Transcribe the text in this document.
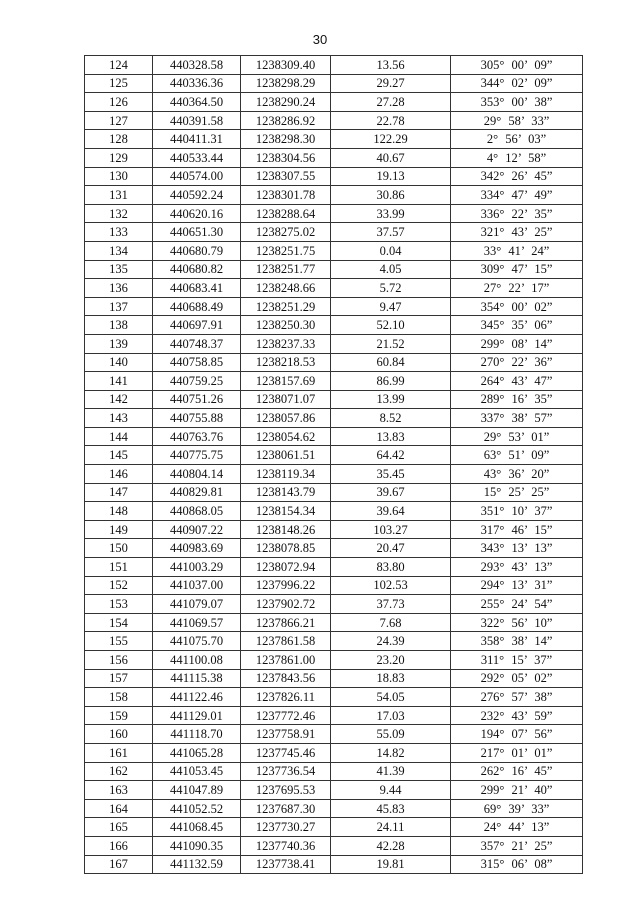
30
124	440328.58	1238309.40	13.56	305° 00’ 09”
125	440336.36	1238298.29	29.27	344° 02’ 09”
126	440364.50	1238290.24	27.28	353° 00’ 38”
127	440391.58	1238286.92	22.78	29° 58’ 33”
128	440411.31	1238298.30	122.29	2° 56’ 03”
129	440533.44	1238304.56	40.67	4° 12’ 58”
130	440574.00	1238307.55	19.13	342° 26’ 45”
131	440592.24	1238301.78	30.86	334° 47’ 49”
132	440620.16	1238288.64	33.99	336° 22’ 35”
133	440651.30	1238275.02	37.57	321° 43’ 25”
134	440680.79	1238251.75	0.04	33° 41’ 24”
135	440680.82	1238251.77	4.05	309° 47’ 15”
136	440683.41	1238248.66	5.72	27° 22’ 17”
137	440688.49	1238251.29	9.47	354° 00’ 02”
138	440697.91	1238250.30	52.10	345° 35’ 06”
139	440748.37	1238237.33	21.52	299° 08’ 14”
140	440758.85	1238218.53	60.84	270° 22’ 36”
141	440759.25	1238157.69	86.99	264° 43’ 47”
142	440751.26	1238071.07	13.99	289° 16’ 35”
143	440755.88	1238057.86	8.52	337° 38’ 57”
144	440763.76	1238054.62	13.83	29° 53’ 01”
145	440775.75	1238061.51	64.42	63° 51’ 09”
146	440804.14	1238119.34	35.45	43° 36’ 20”
147	440829.81	1238143.79	39.67	15° 25’ 25”
148	440868.05	1238154.34	39.64	351° 10’ 37”
149	440907.22	1238148.26	103.27	317° 46’ 15”
150	440983.69	1238078.85	20.47	343° 13’ 13”
151	441003.29	1238072.94	83.80	293° 43’ 13”
152	441037.00	1237996.22	102.53	294° 13’ 31”
153	441079.07	1237902.72	37.73	255° 24’ 54”
154	441069.57	1237866.21	7.68	322° 56’ 10”
155	441075.70	1237861.58	24.39	358° 38’ 14”
156	441100.08	1237861.00	23.20	311° 15’ 37”
157	441115.38	1237843.56	18.83	292° 05’ 02”
158	441122.46	1237826.11	54.05	276° 57’ 38”
159	441129.01	1237772.46	17.03	232° 43’ 59”
160	441118.70	1237758.91	55.09	194° 07’ 56”
161	441065.28	1237745.46	14.82	217° 01’ 01”
162	441053.45	1237736.54	41.39	262° 16’ 45”
163	441047.89	1237695.53	9.44	299° 21’ 40”
164	441052.52	1237687.30	45.83	69° 39’ 33”
165	441068.45	1237730.27	24.11	24° 44’ 13”
166	441090.35	1237740.36	42.28	357° 21’ 25”
167	441132.59	1237738.41	19.81	315° 06’ 08”
